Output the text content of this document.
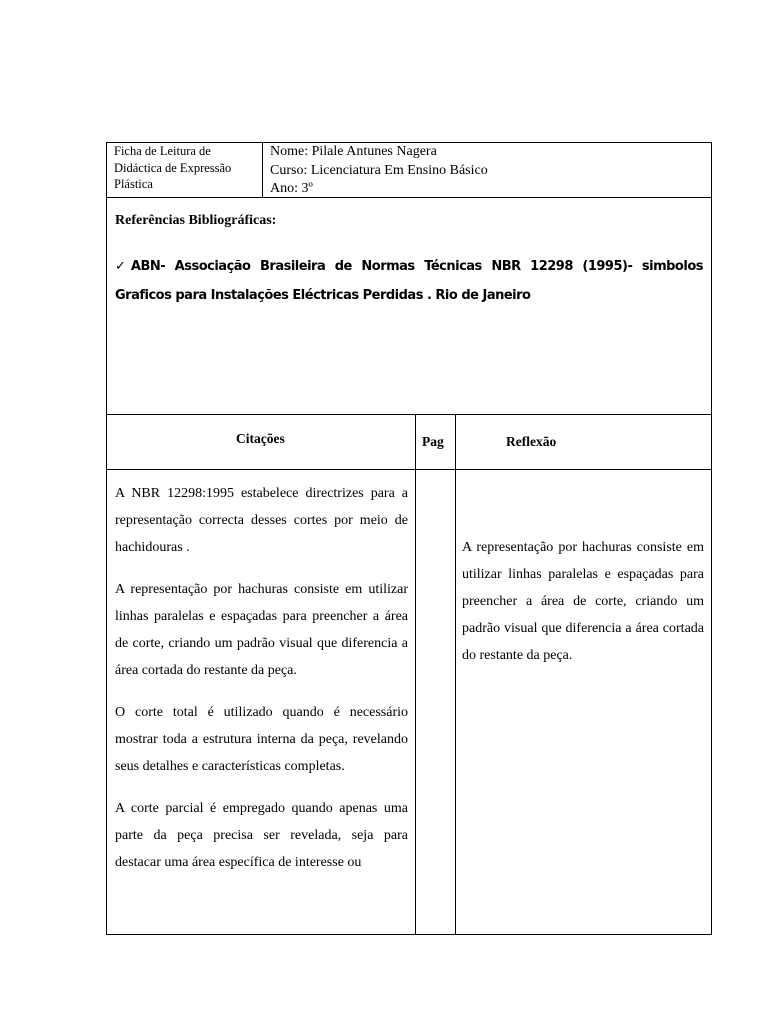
Ficha de Leitura de Didáctica de Expressão Plástica
Nome: Pilale Antunes Nagera
Curso: Licenciatura Em Ensino Básico
Ano: 3º
Referências Bibliográficas:
✓ABN- Associação Brasileira de Normas Técnicas NBR 12298 (1995)- simbolos Graficos para Instalações Eléctricas Perdidas . Rio de Janeiro
Citações	Pag	Reflexão

A NBR 12298:1995 estabelece directrizes para a representação correcta desses cortes por meio de hachidouras .

A representação por hachuras consiste em utilizar linhas paralelas e espaçadas para preencher a área de corte, criando um padrão visual que diferencia a área cortada do restante da peça.

O corte total é utilizado quando é necessário mostrar toda a estrutura interna da peça, revelando seus detalhes e características completas.

A corte parcial é empregado quando apenas uma parte da peça precisa ser revelada, seja para destacar uma área específica de interesse ou

A representação por hachuras consiste em utilizar linhas paralelas e espaçadas para preencher a área de corte, criando um padrão visual que diferencia a área cortada do restante da peça.
